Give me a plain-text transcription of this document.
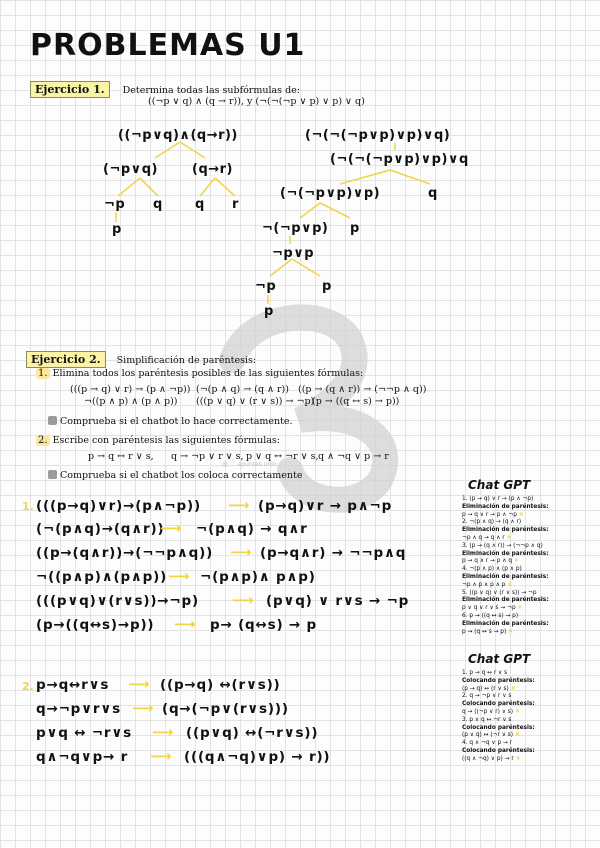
PROBLEMAS U1
Ejercicio 1. Determina todas las subfórmulas de:
((¬p ∨ q) ∧ (q → r)), y (¬(¬(¬p ∨ p) ∨ p) ∨ q)
((¬p∨q)∧(q→r))
(¬p∨q)	(q→r)
¬p q q r
p
(¬(¬(¬p∨p)∨p)∨q)
(¬(¬(¬p∨p)∨p)∨q
(¬(¬p∨p)∨p)	q
¬(¬p∨p) p
¬p∨p
¬p	p
p
Ejercicio 2. Simplificación de paréntesis:
1. Elimina todos los paréntesis posibles de las siguientes fórmulas:
(((p → q) ∨ r) → (p ∧ ¬p)) (¬(p ∧ q) → (q ∧ r)) ((p → (q ∧ r)) → (¬¬p ∧ q))
¬((p ∧ p) ∧ (p ∧ p)) (((p ∨ q) ∨ (r ∨ s)) → ¬p)
(p → ((q ↔ s) → p))
Comprueba si el chatbot lo hace correctamente.
2. Escribe con paréntesis las siguientes fórmulas:
p → q ↔ r ∨ s, q → ¬p ∨ r ∨ s, p ∨ q ↔ ¬r ∨ s, q ∧ ¬q ∨ p → r
@ ... apuntes.unio
Comprueba si el chatbot los coloca correctamente
1. (((p→q)∨r)→(p∧¬p)) ⟶ (p→q)∨r → p∧¬p
(¬(p∧q)→(q∧r))
⟶ ¬(p∧q) → q∧r
((p→(q∧r))→(¬¬p∧q)) ⟶ (p→q∧r) → ¬¬p∧q
¬((p∧p)∧(p∧p)) ⟶ ¬(p∧p)∧ p∧p)
(((p∨q)∨(r∨s))→¬p) ⟶ (p∨q) ∨ r∨s → ¬p
(p→((q↔s)→p)) ⟶ p→ (q↔s) → p
2. p→q↔r∨s ⟶ ((p→q) ↔(r∨s))
q→¬p∨r∨s ⟶ (q→(¬p∨(r∨s)))
p∨q ↔ ¬r∨s ⟶ ((p∨q) ↔(¬r∨s))
q∧¬q∨p→ r ⟶ (((q∧¬q)∨p) → r))
Chat GPT
1. (p → q) ∨ r → (p ∧ ¬p)
Eliminación de paréntesis:
p → q ∨ r → p ∧ ¬p ✕
2. ¬(p ∧ q) → (q ∧ r)
Eliminación de paréntesis:
¬p ∧ q → q ∧ r ✕
3. (p → (q ∧ r)) → (¬¬p ∧ q)
Eliminación de paréntesis:
p → q ∧ r → p ∧ q ✕
4. ¬(p ∧ p) ∧ (p ∧ p)
Eliminación de paréntesis:
¬p ∧ p ∧ p ∧ p ✕
5. ((p ∨ q) ∨ (r ∨ s)) → ¬p
Eliminación de paréntesis:
p ∨ q ∨ r ∨ s → ¬p ✕
6. p → ((q ↔ s) → p)
Eliminación de paréntesis:
p → (q ↔ s → p) ✕
Chat GPT
1. p → q ↔ r ∨ s
Colocando paréntesis:
(p → q) ↔ (r ∨ s) ✕
2. q → ¬p ∨ r ∨ s
Colocando paréntesis:
q → ((¬p ∨ r) ∨ s) ✕
3. p ∨ q ↔ ¬r ∨ s
Colocando paréntesis:
(p ∨ q) ↔ (¬r ∨ s) ✕
4. q ∧ ¬q ∨ p → r
Colocando paréntesis:
((q ∧ ¬q) ∨ p) → r ✕
